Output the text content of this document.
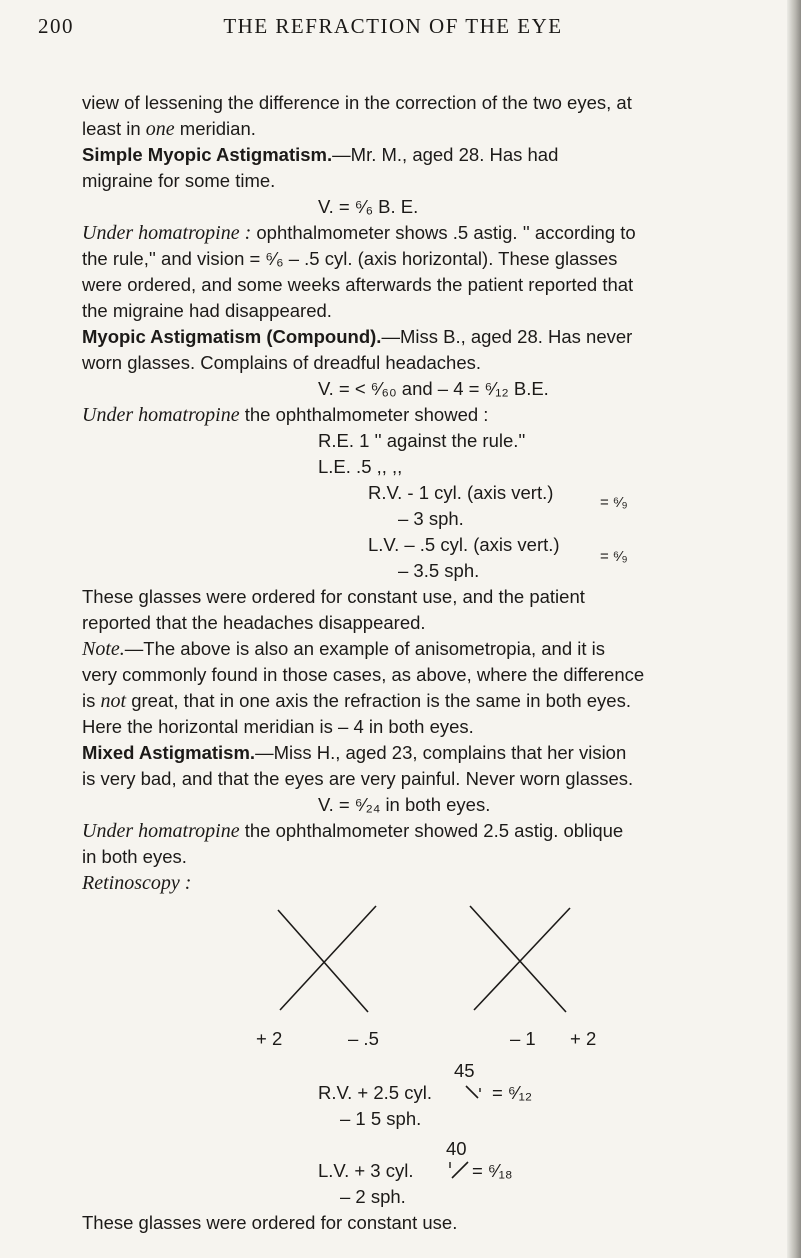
200	THE REFRACTION OF THE EYE
view of lessening the difference in the correction of the two eyes, at
least in one meridian.
Simple Myopic Astigmatism.—Mr. M., aged 28. Has had
migraine for some time.
V. = ⁶⁄₆ B. E.
Under homatropine : ophthalmometer shows .5 astig. '' according to
the rule,'' and vision = ⁶⁄₆ – .5 cyl. (axis horizontal). These glasses
were ordered, and some weeks afterwards the patient reported that
the migraine had disappeared.
Myopic Astigmatism (Compound).—Miss B., aged 28. Has never
worn glasses. Complains of dreadful headaches.
V. = < ⁶⁄₆₀ and – 4 = ⁶⁄₁₂ B.E.
Under homatropine the ophthalmometer showed :
R.E. 1 '' against the rule.''
L.E. .5 ,, ,,
R.V. - 1 cyl. (axis vert.)
– 3 sph.
= ⁶⁄₉
L.V. – .5 cyl. (axis vert.)
– 3.5 sph.
= ⁶⁄₉
These glasses were ordered for constant use, and the patient
reported that the headaches disappeared.
Note.—The above is also an example of anisometropia, and it is
very commonly found in those cases, as above, where the difference
is not great, that in one axis the refraction is the same in both eyes.
Here the horizontal meridian is – 4 in both eyes.
Mixed Astigmatism.—Miss H., aged 23, complains that her vision
is very bad, and that the eyes are very painful. Never worn glasses.
V. = ⁶⁄₂₄ in both eyes.
Under homatropine the ophthalmometer showed 2.5 astig. oblique
in both eyes.
Retinoscopy :
+ 2	– .5	– 1	+ 2
45
R.V. + 2.5 cyl.	= ⁶⁄₁₂
– 1 5 sph.
40
L.V. + 3 cyl.	= ⁶⁄₁₈
– 2 sph.
These glasses were ordered for constant use.
